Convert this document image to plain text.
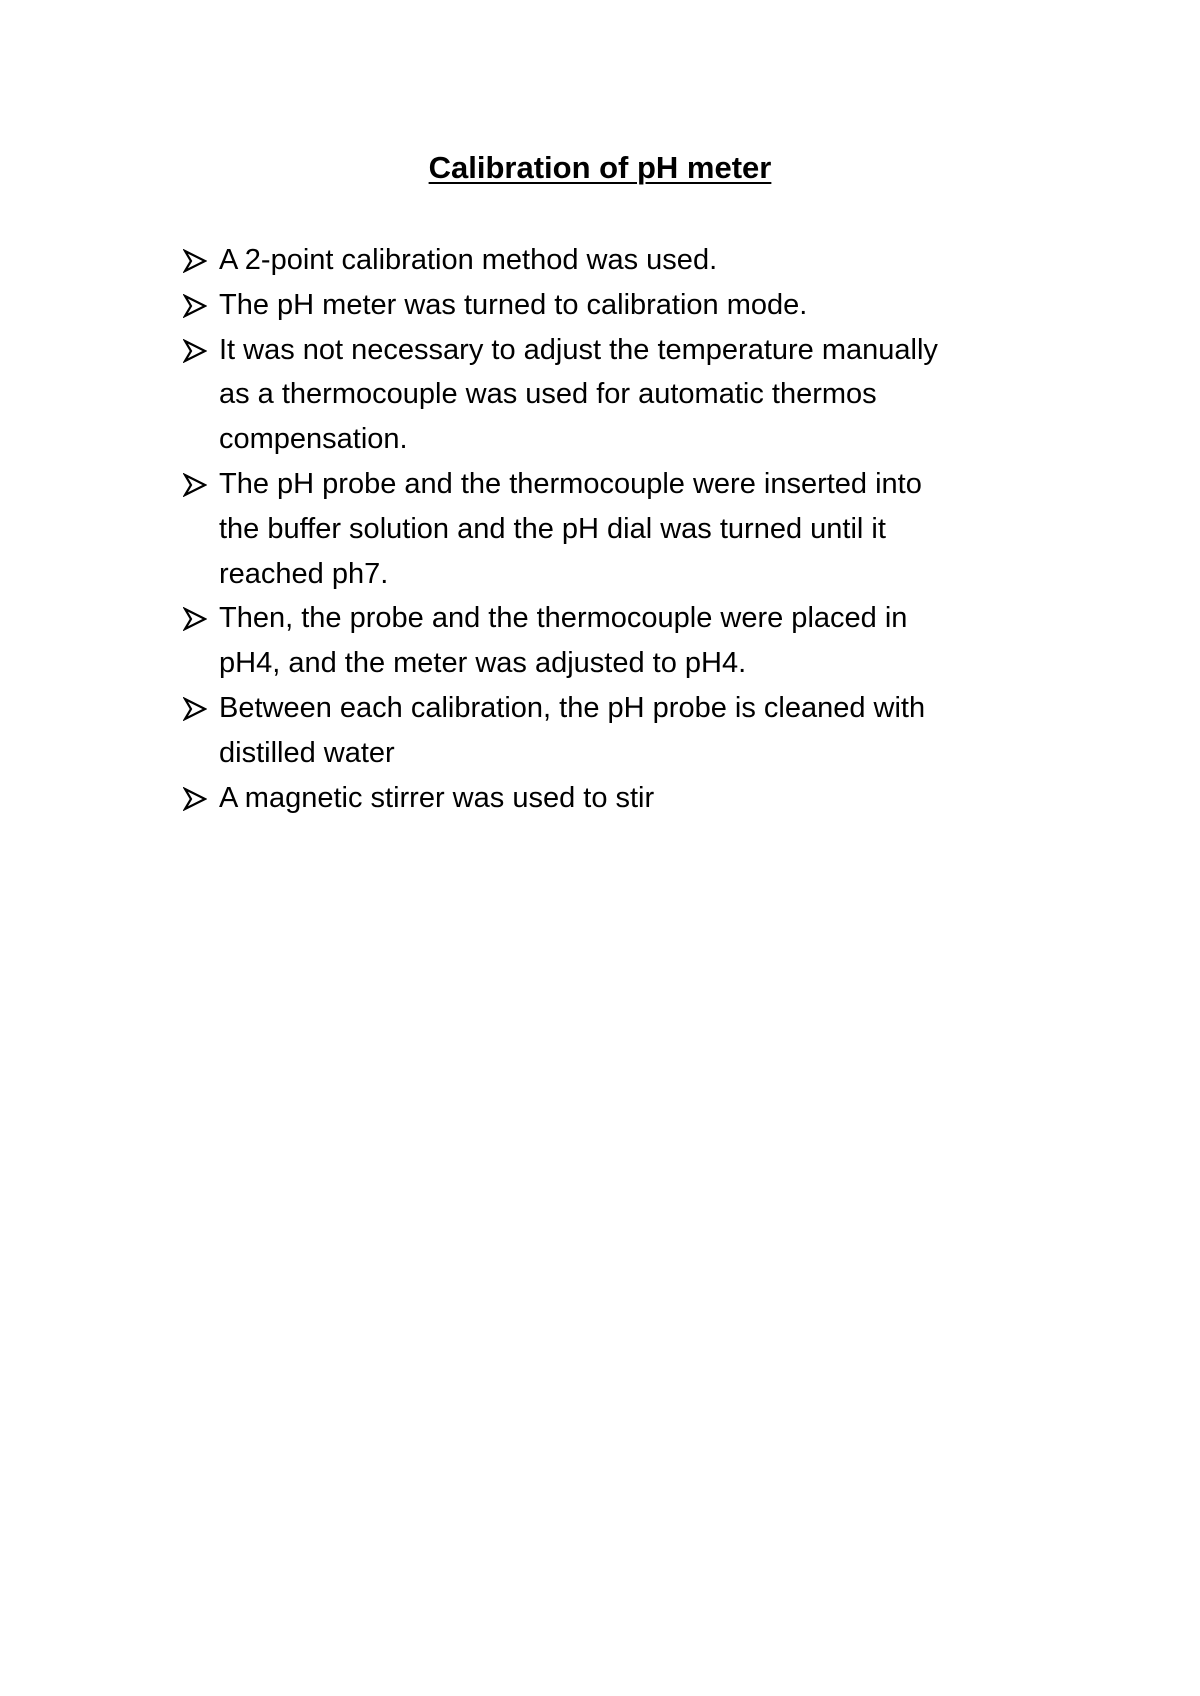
Calibration of pH meter
A 2-point calibration method was used.
The pH meter was turned to calibration mode.
It was not necessary to adjust the temperature manually
as a thermocouple was used for automatic thermos
compensation.
The pH probe and the thermocouple were inserted into
the buffer solution and the pH dial was turned until it
reached ph7.
Then, the probe and the thermocouple were placed in
pH4, and the meter was adjusted to pH4.
Between each calibration, the pH probe is cleaned with
distilled water
A magnetic stirrer was used to stir
